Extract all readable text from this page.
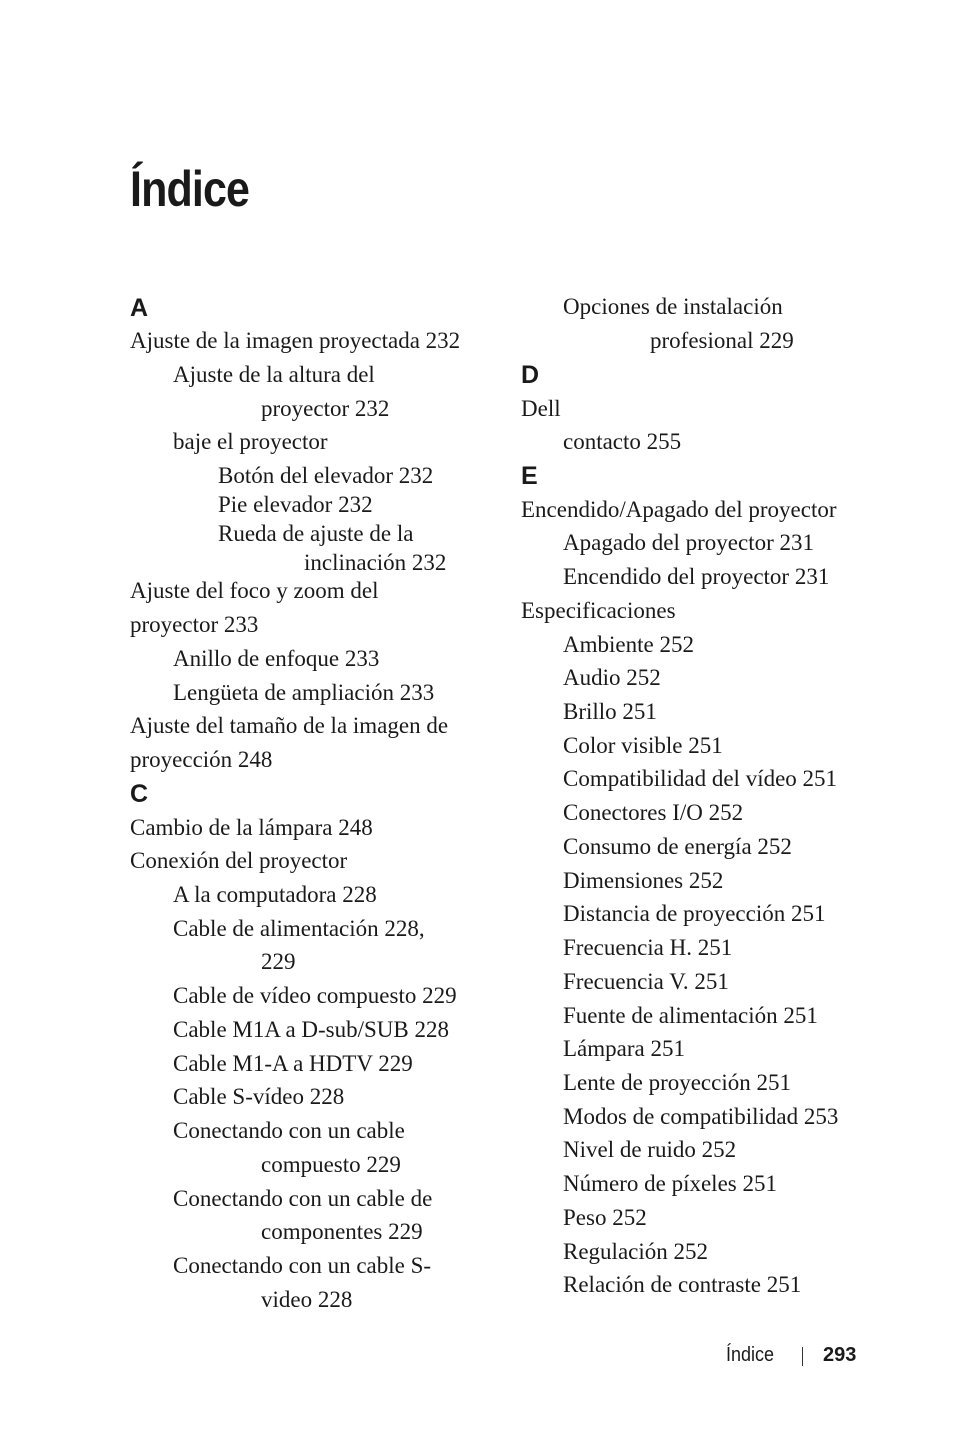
Índice
A
Ajuste de la imagen proyectada 232
Ajuste de la altura del
proyector 232
baje el proyector
Botón del elevador 232
Pie elevador 232
Rueda de ajuste de la
inclinación 232
Ajuste del foco y zoom del
proyector 233
Anillo de enfoque 233
Lengüeta de ampliación 233
Ajuste del tamaño de la imagen de
proyección 248
C
Cambio de la lámpara 248
Conexión del proyector
A la computadora 228
Cable de alimentación 228,
229
Cable de vídeo compuesto 229
Cable M1A a D-sub/SUB 228
Cable M1-A a HDTV 229
Cable S-vídeo 228
Conectando con un cable
compuesto 229
Conectando con un cable de
componentes 229
Conectando con un cable S-
video 228
Opciones de instalación
profesional 229
D
Dell
contacto 255
E
Encendido/Apagado del proyector
Apagado del proyector 231
Encendido del proyector 231
Especificaciones
Ambiente 252
Audio 252
Brillo 251
Color visible 251
Compatibilidad del vídeo 251
Conectores I/O 252
Consumo de energía 252
Dimensiones 252
Distancia de proyección 251
Frecuencia H. 251
Frecuencia V. 251
Fuente de alimentación 251
Lámpara 251
Lente de proyección 251
Modos de compatibilidad 253
Nivel de ruido 252
Número de píxeles 251
Peso 252
Regulación 252
Relación de contraste 251
Índice 293
